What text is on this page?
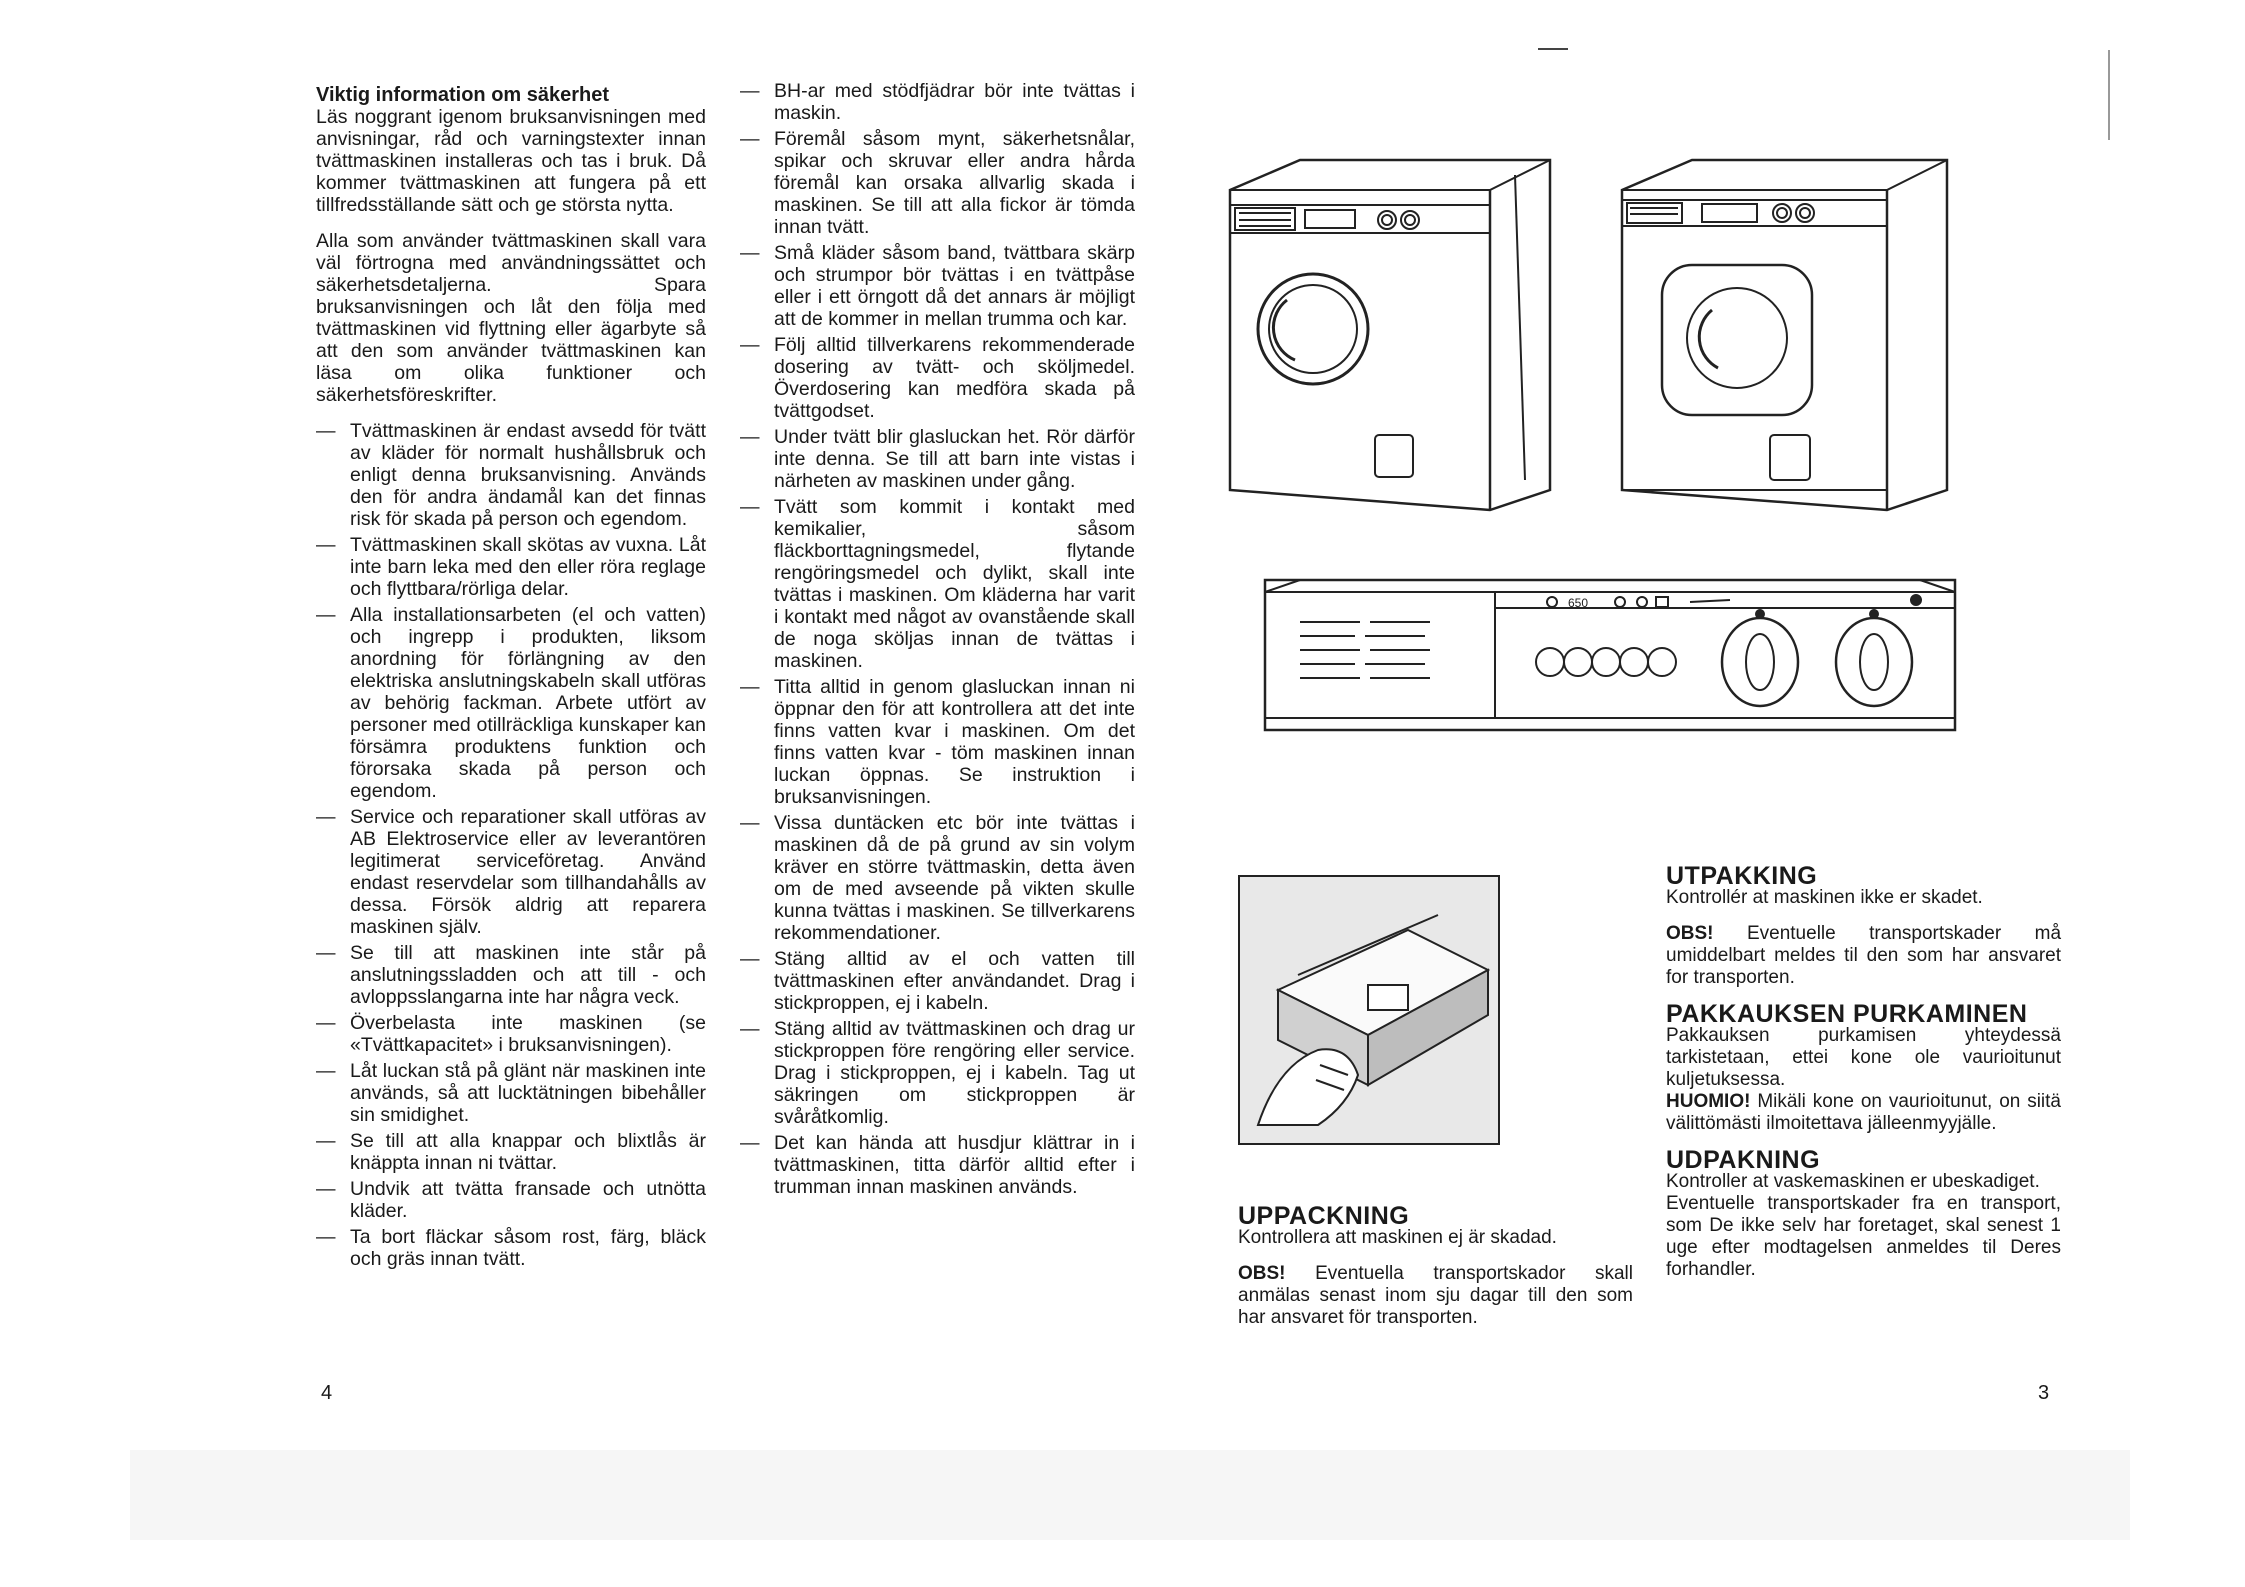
Viktig information om säkerhet

Läs noggrant igenom bruksanvisningen med anvisningar, råd och varningstexter innan tvättmaskinen installeras och tas i bruk. Då kommer tvättmaskinen att fungera på ett tillfredsställande sätt och ge största nytta.

Alla som använder tvättmaskinen skall vara väl förtrogna med användningssättet och säkerhetsdetaljerna. Spara bruksanvisningen och låt den följa med tvättmaskinen vid flyttning eller ägarbyte så att den som använder tvättmaskinen kan läsa om olika funktioner och säkerhetsföreskrifter.

— Tvättmaskinen är endast avsedd för tvätt av kläder för normalt hushållsbruk och enligt denna bruksanvisning. Används den för andra ändamål kan det finnas risk för skada på person och egendom.
— Tvättmaskinen skall skötas av vuxna. Låt inte barn leka med den eller röra reglage och flyttbara/rörliga delar.
— Alla installationsarbeten (el och vatten) och ingrepp i produkten, liksom anordning för förlängning av den elektriska anslutningskabeln skall utföras av behörig fackman. Arbete utfört av personer med otillräckliga kunskaper kan försämra produktens funktion och förorsaka skada på person och egendom.
— Service och reparationer skall utföras av AB Elektroservice eller av leverantören legitimerat serviceföretag. Använd endast reservdelar som tillhandahålls av dessa. Försök aldrig att reparera maskinen själv.
— Se till att maskinen inte står på anslutningssladden och att till - och avloppsslangarna inte har några veck.
— Överbelasta inte maskinen (se «Tvättkapacitet» i bruksanvisningen).
— Låt luckan stå på glänt när maskinen inte används, så att lucktätningen bibehåller sin smidighet.
— Se till att alla knappar och blixtlås är knäppta innan ni tvättar.
— Undvik att tvätta fransade och utnötta kläder.
— Ta bort fläckar såsom rost, färg, bläck och gräs innan tvätt.
4
— BH-ar med stödfjädrar bör inte tvättas i maskin.
— Föremål såsom mynt, säkerhetsnålar, spikar och skruvar eller andra hårda föremål kan orsaka allvarlig skada i maskinen. Se till att alla fickor är tömda innan tvätt.
— Små kläder såsom band, tvättbara skärp och strumpor bör tvättas i en tvättpåse eller i ett örngott då det annars är möjligt att de kommer in mellan trumma och kar.
— Följ alltid tillverkarens rekommenderade dosering av tvätt- och sköljmedel. Överdosering kan medföra skada på tvättgodset.
— Under tvätt blir glasluckan het. Rör därför inte denna. Se till att barn inte vistas i närheten av maskinen under gång.
— Tvätt som kommit i kontakt med kemikalier, såsom fläckborttagningsmedel, flytande rengöringsmedel och dylikt, skall inte tvättas i maskinen. Om kläderna har varit i kontakt med något av ovanstående skall de noga sköljas innan de tvättas i maskinen.
— Titta alltid in genom glasluckan innan ni öppnar den för att kontrollera att det inte finns vatten kvar i maskinen. Om det finns vatten kvar - töm maskinen innan luckan öppnas. Se instruktion i bruksanvisningen.
— Vissa duntäcken etc bör inte tvättas i maskinen då de på grund av sin volym kräver en större tvättmaskin, detta även om de med avseende på vikten skulle kunna tvättas i maskinen. Se tillverkarens rekommendationer.
— Stäng alltid av el och vatten till tvättmaskinen efter användandet. Drag i stickproppen, ej i kabeln.
— Stäng alltid av tvättmaskinen och drag ur stickproppen före rengöring eller service. Drag i stickproppen, ej i kabeln. Tag ut säkringen om stickproppen är svåråtkomlig.
— Det kan hända att husdjur klättrar in i tvättmaskinen, titta därför alltid efter i trumman innan maskinen används.
650

UPPACKNING

Kontrollera att maskinen ej är skadad.

OBS! Eventuella transportskador skall anmälas senast inom sju dagar till den som har ansvaret för transporten.

UTPAKKING

Kontrollér at maskinen ikke er skadet.

OBS! Eventuelle transportskader må umiddelbart meldes til den som har ansvaret for transporten.

PAKKAUKSEN PURKAMINEN

Pakkauksen purkamisen yhteydessä tarkistetaan, ettei kone ole vaurioitunut kuljetuksessa.

HUOMIO! Mikäli kone on vaurioitunut, on siitä välittömästi ilmoitettava jälleenmyyjälle.

UDPAKNING

Kontroller at vaskemaskinen er ubeskadiget.

Eventuelle transportskader fra en transport, som De ikke selv har foretaget, skal senest 1 uge efter modtagelsen anmeldes til Deres forhandler.

3
